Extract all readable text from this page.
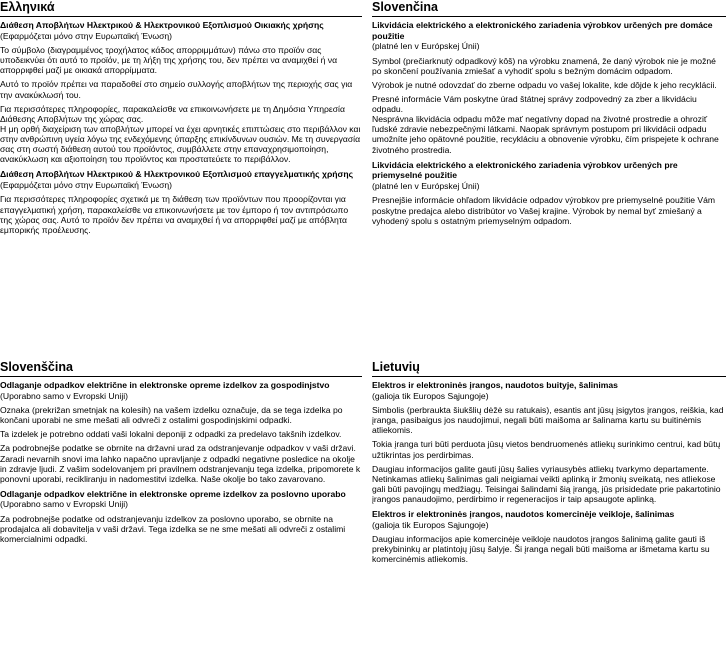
Ελληνικά

Διάθεση Αποβλήτων Ηλεκτρικού & Ηλεκτρονικού Εξοπλισμού Οικιακής χρήσης

(Εφαρμόζεται μόνο στην Ευρωπαϊκή Ένωση)

Το σύμβολο (διαγραμμένος τροχήλατος κάδος απορριμμάτων) πάνω στο προϊόν σας υποδεικνύει ότι αυτό το προϊόν, με τη λήξη της χρήσης του, δεν πρέπει να αναμιχθεί ή να απορριφθεί μαζί με οικιακά απορρίμματα.

Αυτό το προϊόν πρέπει να παραδοθεί στο σημείο συλλογής αποβλήτων της περιοχής σας για την ανακύκλωσή του.

Για περισσότερες πληροφορίες, παρακαλείσθε να επικοινωνήσετε με τη Δημόσια Υπηρεσία Διάθεσης Αποβλήτων της χώρας σας.

Η μη ορθή διαχείριση των αποβλήτων μπορεί να έχει αρνητικές επιπτώσεις στο περιβάλλον και στην ανθρώπινη υγεία λόγω της ενδεχόμενης ύπαρξης επικίνδυνων ουσιών. Με τη συνεργασία σας στη σωστή διάθεση αυτού του προϊόντος, συμβάλλετε στην επαναχρησιμοποίηση, ανακύκλωση και αξιοποίηση του προϊόντος και προστατεύετε το περιβάλλον.

Διάθεση Αποβλήτων Ηλεκτρικού & Ηλεκτρονικού Εξοπλισμού επαγγελματικής χρήσης

(Εφαρμόζεται μόνο στην Ευρωπαϊκή Ένωση)

Για περισσότερες πληροφορίες σχετικά με τη διάθεση των προϊόντων που προορίζονται για επαγγελματική χρήση, παρακαλείσθε να επικοινωνήσετε με τον έμπορο ή τον αντιπρόσωπο της χώρας σας. Αυτό το προϊόν δεν πρέπει να αναμιχθεί ή να απορριφθεί μαζί με απόβλητα εμπορικής προέλευσης.

Slovenčina

Likvidácia elektrického a elektronického zariadenia výrobkov určených pre domáce použitie

(platné len v Európskej Únii)

Symbol (prečiarknutý odpadkový kôš) na výrobku znamená, že daný výrobok nie je možné po skončení používania zmiešať a vyhodiť spolu s bežným domácim odpadom.

Výrobok je nutné odovzdať do zberne odpadu vo vašej lokalite, kde dôjde k jeho recyklácii.

Presné informácie Vám poskytne úrad štátnej správy zodpovedný za zber a likvidáciu odpadu.

Nesprávna likvidácia odpadu môže mať negatívny dopad na životné prostredie a ohroziť ľudské zdravie nebezpečnými látkami. Naopak správnym postupom pri likvidácii odpadu umožníte jeho opätovné použitie, recykláciu a obnovenie výrobku, čím prispejete k ochrane životného prostredia.

Likvidácia elektrického a elektronického zariadenia výrobkov určených pre priemyselné použitie

(platné len v Európskej Únii)

Presnejšie informácie ohľadom likvidácie odpadov výrobkov pre priemyselné použitie Vám poskytne predajca alebo distribútor vo Vašej krajine. Výrobok by nemal byť zmiešaný a vyhodený spolu s ostatným priemyselným odpadom.

Slovenščina

Odlaganje odpadkov električne in elektronske opreme izdelkov za gospodinjstvo

(Uporabno samo v Evropski Uniji)

Oznaka (prekrižan smetnjak na kolesih) na vašem izdelku označuje, da se tega izdelka po končani uporabi ne sme mešati ali odvreči z ostalimi gospodinjskimi odpadki.

Ta izdelek je potrebno oddati vaši lokalni deponiji z odpadki za predelavo takšnih izdelkov.

Za podrobnejše podatke se obrnite na državni urad za odstranjevanje odpadkov v vaši državi.

Zaradi nevarnih snovi ima lahko napačno upravljanje z odpadki negativne posledice na okolje in zdravje ljudi. Z vašim sodelovanjem pri pravilnem odstranjevanju tega izdelka, pripomorete k ponovni uporabi, recikliranju in nadomestitvi izdelka. Naše okolje bo tako zavarovano.

Odlaganje odpadkov električne in elektronske opreme izdelkov za poslovno uporabo

(Uporabno samo v Evropski Uniji)

Za podrobnejše podatke od odstranjevanju izdelkov za poslovno uporabo, se obrnite na prodajalca ali dobavitelja v vaši državi. Tega izdelka se ne sme mešati ali odvreči z ostalimi komercialnimi odpadki.

Lietuvių

Elektros ir elektroninės įrangos, naudotos buityje, šalinimas

(galioja tik Europos Sąjungoje)

Simbolis (perbraukta šiukšlių dėžė su ratukais), esantis ant jūsų įsigytos įrangos, reiškia, kad įranga, pasibaigus jos naudojimui, negali būti maišoma ar šalinama kartu su buitinėmis atliekomis.

Tokia įranga turi būti perduota jūsų vietos bendruomenės atliekų surinkimo centrui, kad būtų užtikrintas jos perdirbimas.

Daugiau informacijos galite gauti jūsų šalies vyriausybės atliekų tvarkymo departamente.

Netinkamas atliekų šalinimas gali neigiamai veikti aplinką ir žmonių sveikatą, nes atliekose gali būti pavojingų medžiagų. Teisingai šalindami šią įrangą, jūs prisidedate prie pakartotinio įrangos panaudojimo, perdirbimo ir regeneracijos ir taip apsaugote aplinką.

Elektros ir elektroninės įrangos, naudotos komercinėje veikloje, šalinimas

(galioja tik Europos Sąjungoje)

Daugiau informacijos apie komercinėje veikloje naudotos įrangos šalinimą galite gauti iš prekybininkų ar platintojų jūsų šalyje. Ši įranga negali būti maišoma ar išmetama kartu su komercinėmis atliekomis.
